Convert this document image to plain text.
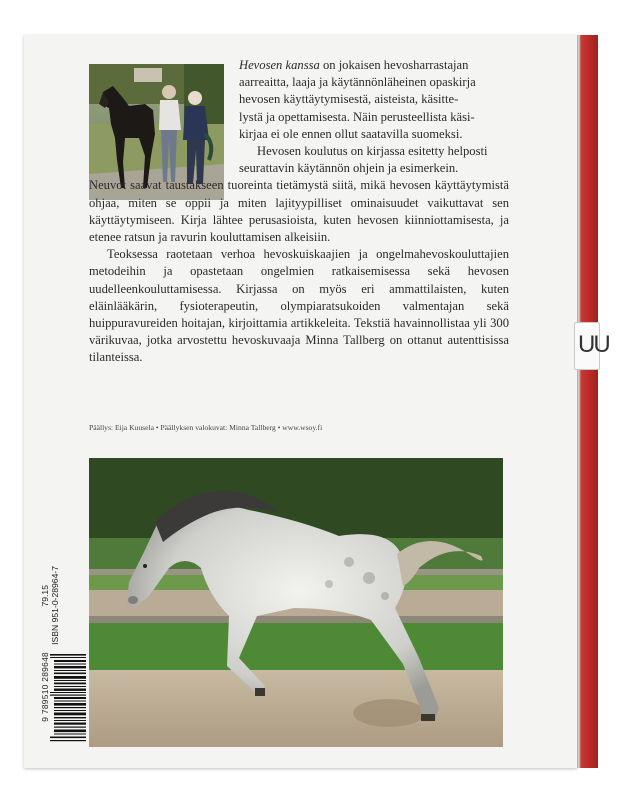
UU

Hevosen kanssa on jokaisen hevosharrastajan

aarreaitta, laaja ja käytännönläheinen opaskirja

hevosen käyttäytymisestä, aisteista, käsitte-

lystä ja opettamisesta. Näin perusteellista käsi-

kirjaa ei ole ennen ollut saatavilla suomeksi.

Hevosen koulutus on kirjassa esitetty helposti

seurattavin käytännön ohjein ja esimerkein.

Neuvot saavat taustakseen tuoreinta tietämystä siitä, mikä hevosen käyttäytymistä ohjaa, miten se oppii ja miten lajityypilliset ominaisuudet vaikuttavat sen käyttäytymiseen. Kirja lähtee perusasioista, kuten hevosen kiinniottamisesta, ja etenee ratsun ja ravurin kouluttamisen alkeisiin.

Teoksessa raotetaan verhoa hevoskuiskaajien ja ongelmahevoskouluttajien metodeihin ja opastetaan ongelmien ratkaisemisessa sekä hevosen uudelleenkouluttamisessa. Kirjassa on myös eri ammattilaisten, kuten eläinlääkärin, fysioterapeutin, olympiaratsukoiden valmentajan sekä huippuravureiden hoitajan, kirjoittamia artikkeleita. Tekstiä havainnollistaa yli 300 värikuvaa, jotka arvostettu hevoskuvaaja Minna Tallberg on ottanut autenttisissa tilanteissa.

Päällys: Eija Kuusela • Päällyksen valokuvat: Minna Tallberg • www.wsoy.fi
ISBN 951-0-28964-7
79.15
9 789510 289648
